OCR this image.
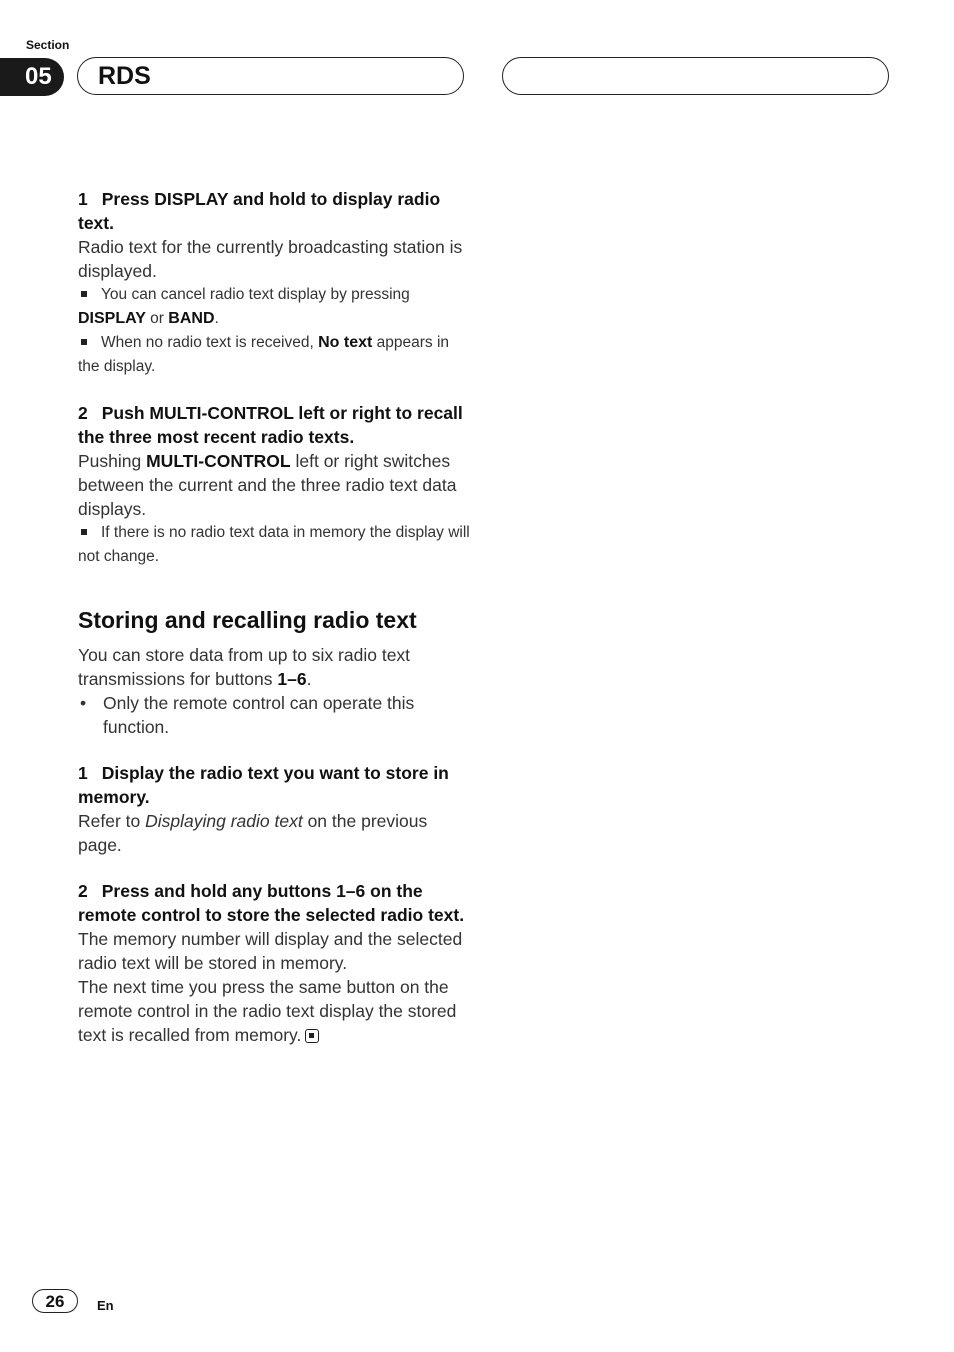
Section
05	RDS

1 Press DISPLAY and hold to display radio text.

Radio text for the currently broadcasting station is displayed.

You can cancel radio text display by pressing DISPLAY or BAND.

When no radio text is received, No text appears in the display.

2 Push MULTI-CONTROL left or right to recall the three most recent radio texts.

Pushing MULTI-CONTROL left or right switches between the current and the three radio text data displays.

If there is no radio text data in memory the display will not change.

Storing and recalling radio text

You can store data from up to six radio text transmissions for buttons 1–6.

• Only the remote control can operate this function.

1 Display the radio text you want to store in memory.

Refer to Displaying radio text on the previous page.

2 Press and hold any buttons 1–6 on the remote control to store the selected radio text.

The memory number will display and the selected radio text will be stored in memory.

The next time you press the same button on the remote control in the radio text display the stored text is recalled from memory.

26	En
